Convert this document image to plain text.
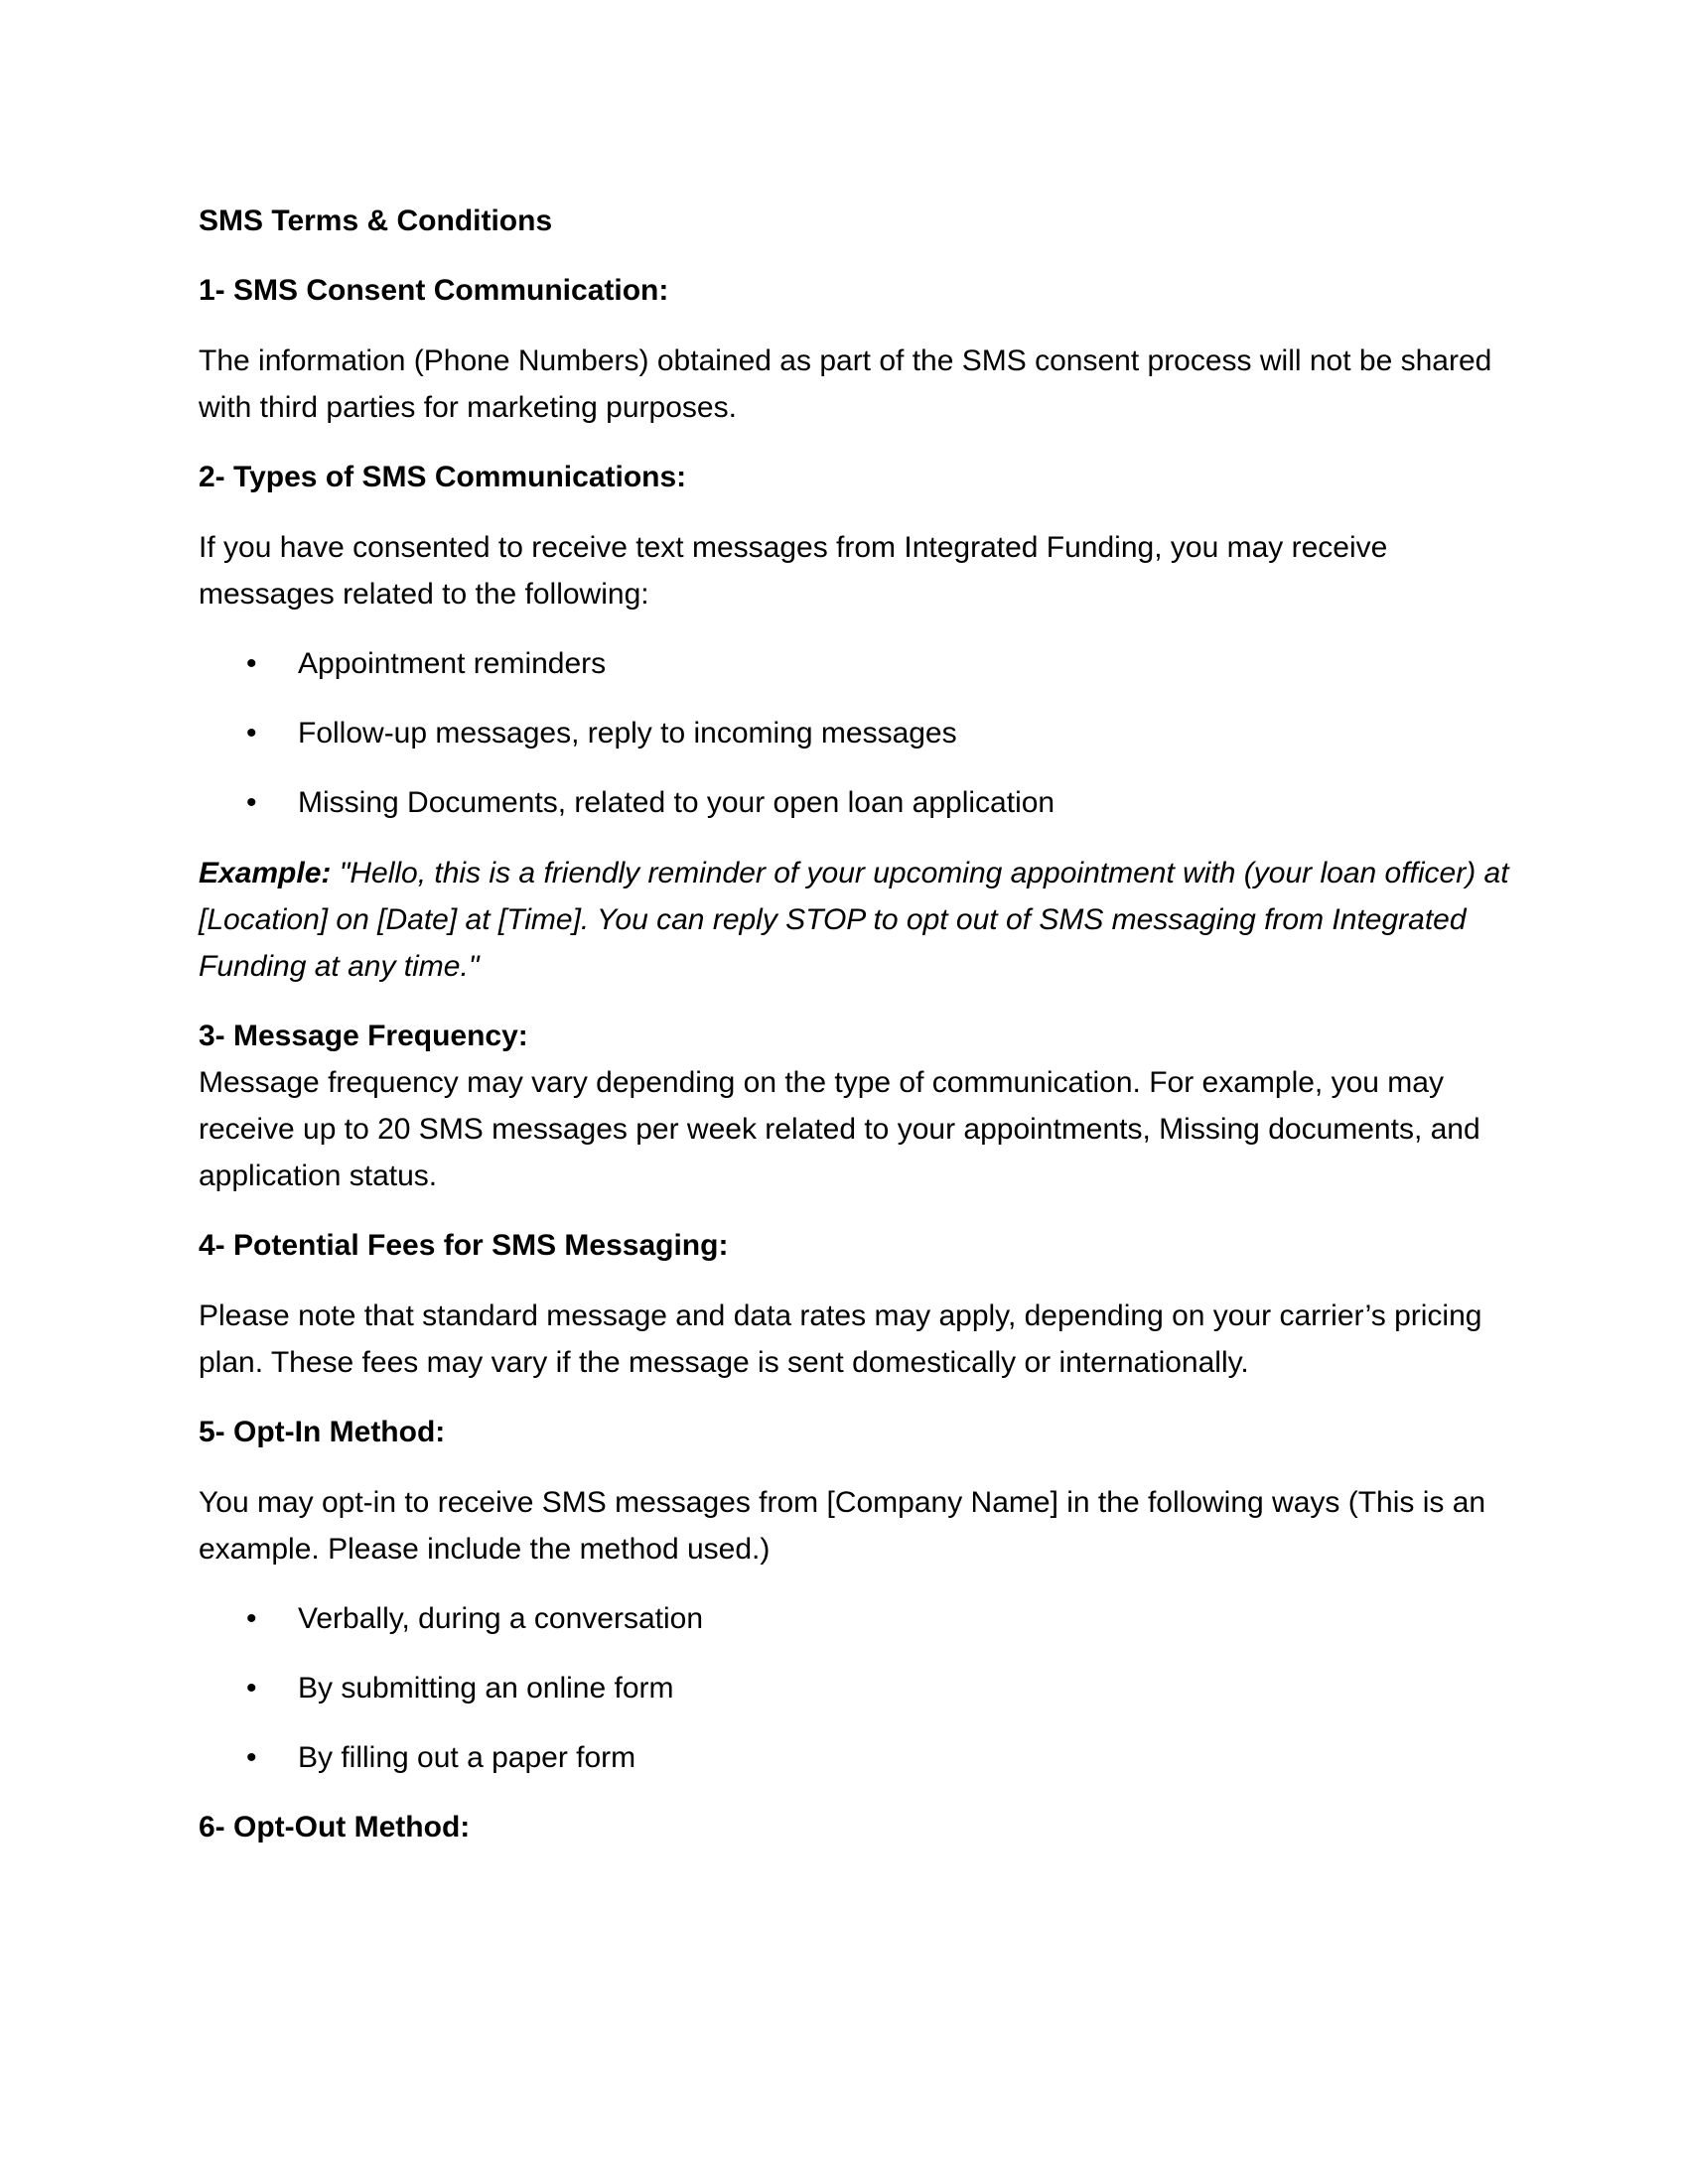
SMS Terms & Conditions
1- SMS Consent Communication:

The information (Phone Numbers) obtained as part of the SMS consent process will not be shared with third parties for marketing purposes.

2- Types of SMS Communications:

If you have consented to receive text messages from Integrated Funding, you may receive messages related to the following:

• Appointment reminders
• Follow-up messages, reply to incoming messages
• Missing Documents, related to your open loan application

Example: "Hello, this is a friendly reminder of your upcoming appointment with (your loan officer) at [Location] on [Date] at [Time]. You can reply STOP to opt out of SMS messaging from Integrated Funding at any time."

3- Message Frequency:

Message frequency may vary depending on the type of communication. For example, you may receive up to 20 SMS messages per week related to your appointments, Missing documents, and application status.

4- Potential Fees for SMS Messaging:

Please note that standard message and data rates may apply, depending on your carrier’s pricing plan. These fees may vary if the message is sent domestically or internationally.

5- Opt-In Method:

You may opt-in to receive SMS messages from [Company Name] in the following ways (This is an example. Please include the method used.)

• Verbally, during a conversation
• By submitting an online form
• By filling out a paper form
6- Opt-Out Method:
